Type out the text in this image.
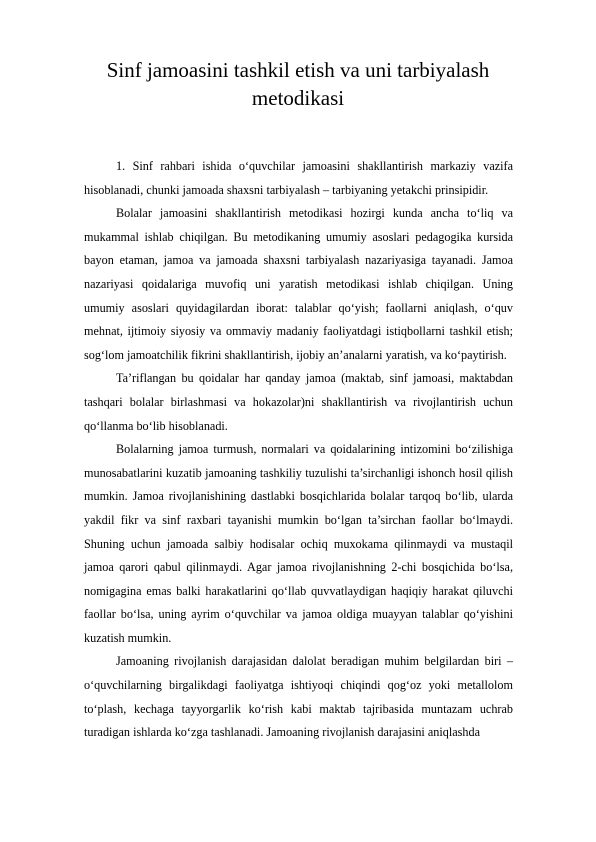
Sinf jamoasini tashkil etish va uni tarbiyalash metodikasi

1. Sinf rahbari ishida o‘quvchilar jamoasini shakllantirish markaziy vazifa hisoblanadi, chunki jamoada shaxsni tarbiyalash – tarbiyaning yetakchi prinsipidir.

Bolalar jamoasini shakllantirish metodikasi hozirgi kunda ancha to‘liq va mukammal ishlab chiqilgan. Bu metodikaning umumiy asoslari pedagogika kursida bayon etaman, jamoa va jamoada shaxsni tarbiyalash nazariyasiga tayanadi. Jamoa nazariyasi qoidalariga muvofiq uni yaratish metodikasi ishlab chiqilgan. Uning umumiy asoslari quyidagilardan iborat: talablar qo‘yish; faollarni aniqlash, o‘quv mehnat, ijtimoiy siyosiy va ommaviy madaniy faoliyatdagi istiqbollarni tashkil etish; sog‘lom jamoatchilik fikrini shakllantirish, ijobiy an’analarni yaratish, va ko‘paytirish.

Ta’riflangan bu qoidalar har qanday jamoa (maktab, sinf jamoasi, maktabdan tashqari bolalar birlashmasi va hokazolar)ni shakllantirish va rivojlantirish uchun qo‘llanma bo‘lib hisoblanadi.

Bolalarning jamoa turmush, normalari va qoidalarining intizomini bo‘zilishiga munosabatlarini kuzatib jamoaning tashkiliy tuzulishi ta’sirchanligi ishonch hosil qilish mumkin. Jamoa rivojlanishining dastlabki bosqichlarida bolalar tarqoq bo‘lib, ularda yakdil fikr va sinf raxbari tayanishi mumkin bo‘lgan ta’sirchan faollar bo‘lmaydi. Shuning uchun jamoada salbiy hodisalar ochiq muxokama qilinmaydi va mustaqil jamoa qarori qabul qilinmaydi. Agar jamoa rivojlanishning 2-chi bosqichida bo‘lsa, nomigagina emas balki harakatlarini qo‘llab quvvatlaydigan haqiqiy harakat qiluvchi faollar bo‘lsa, uning ayrim o‘quvchilar va jamoa oldiga muayyan talablar qo‘yishini kuzatish mumkin.

Jamoaning rivojlanish darajasidan dalolat beradigan muhim belgilardan biri – o‘quvchilarning birgalikdagi faoliyatga ishtiyoqi chiqindi qog‘oz yoki metallolom to‘plash, kechaga tayyorgarlik ko‘rish kabi maktab tajribasida muntazam uchrab turadigan ishlarda ko‘zga tashlanadi. Jamoaning rivojlanish darajasini aniqlashda
